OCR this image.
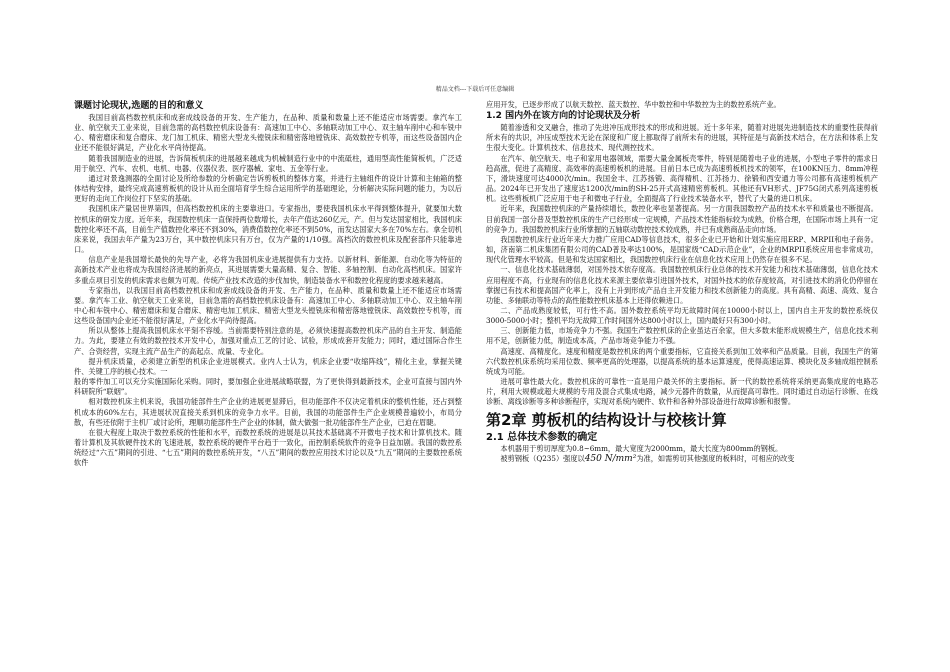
精品文档---下载后可任意编辑
课题讨论现状,选题的目的和意义

我国目前高档数控机床和成套成线设备的开发、生产能力，在品种、质量和数量上还不能适应市场需要。拿汽车工业、航空航天工业来说，目前急需的高档数控机床设备有：高速加工中心、多轴联动加工中心、双主轴车削中心和车铣中心、精密磨床和复合磨床、龙门加工机床、精密大型龙头镗铣床和精密落地镗铣床、高效数控专机等，而这些设备国内企业还不能很好满足，产业化水平尚待提高。

随着我国制造业的进展，告诉简板机床的进展越来越成为机械制造行业中的中流砥柱，通用型高性能简板机，广泛适用于航空、汽车、农机、电机、电器、仪器仪表、医疗器械、家电、五金等行业。

通过对景逸测器的全面讨论及所给参数的分析确定告诉剪板机的整体方案，并进行主轴组件的设计计算和主轴箱的整体结构安排，最终完成高速剪板机的设计从而全面培育学生综合运用所学的基础理论，分析解决实际问题的能力，为以后更好的走向工作岗位打下坚实的基础。

我国机床产量居世界第四，但高档数控机床的主要靠进口。专家指出，要使我国机床水平得到整体提升，就要加大数控机床的研发力度。近年来，我国数控机床一直保持两位数增长，去年产值达260亿元，产。但与发达国家相比，我国机床数控化率还不高，目前生产值数控化率还不到30%，消费值数控化率还不到50%，而发达国家大多在70%左右。拿全切机床来说，我国去年产量为23万台，其中数控机床只有万台，仅为产量的1/10强。高档次的数控机床及配套部件只能靠进口。

信息产业是我国增长最快的先导产业，必将为我国机床业进展提供有力支持。以新材料、新能源、自动化等为特征的高新技术产业也将成为我国经济进展的新亮点，其进展需要大量高精、复合、智能、多轴控制、自动化高档机床。国家许多重点项目引发的机床需求也颇为可观。传统产业技术改造的步伐加快，制造装备水平和数控化程度的要求越来越高。

专家指出，以我国目前高档数控机床和成套成线设备的开发、生产能力，在品种、质量和数量上还不能适应市场需要。拿汽车工业、航空航天工业来说，目前急需的高档数控机床设备有：高速加工中心、多轴联动加工中心、双主轴车削中心和车铣中心、精密磨床和复合磨床、精密电加工机床、精密大型龙头镗铣床和精密落地镗铣床、高效数控专机等，而这些设备国内企业还不能很好满足，产业化水平尚待提高。

所以从整体上提高我国机床水平刻不容缓。当前需要特别注意的是，必须快速提高数控机床产品的自主开发、制造能力。为此，要建立有效的数控技术开发中心，加强对重点工艺的讨论、试验，形成成套开发能力；同时，通过国际合作生产、合资经营，实现主流产品生产的高起点、成量、专业化。

提升机床质量，必须建立新型的机床企业进展模式。业内人士认为，机床企业要“收缩阵线”，精化主业，掌握关键件、关键工序的核心技术。一

般的零件加工可以充分实施国际化采购。同时，要加强企业进展战略联盟，为了更快得到最新技术，企业可直接与国内外科研院所“联姻”。

相对数控机床主机来说，我国功能部件生产企业的进展更显滞后，但功能部件不仅决定着机床的整机性能，还占到整机成本的60%左右，其进展状况直接关系到机床的竞争力水平。目前，我国的功能部件生产企业规模普遍较小，布局分散，有些还依附于主机厂或讨论所，理顺功能部件生产企业的体制，做大做强一批功能部件生产企业，已迫在眉睫。

在很大程度上取决于数控系统的性能和水平，而数控系统的进展是以其技术基础离不开微电子技术和计算机技术。随着计算机及其软硬件技术的飞速进展，数控系统的硬件平台趋于一致化，而控制系统软件的竞争日益加剧。我国的数控系统经过“六五”期间的引进、“七五”期间的数控系统开发，“八五”期间的数控应用技术讨论以及“九五”期间的主要数控系统软件

应用开发，已逐步形成了以航天数控、蓝天数控、华中数控和中华数控为主的数控系统产业。

1.2 国内外在该方向的讨论现状及分析

随着渗透和交叉融合，推动了先进冲压成形技术的形成和进展。近十多年来，随着对进展先进制造技术的重要性获得前所未有的共识，冲压成型技术无论在深度和广度上都取得了前所未有的进展，其特征是与高新技术结合，在方法和体系上发生很大变化。计算机技术、信息技术、现代测控技术。

在汽车、航空航天、电子和家用电器领域，需要大量金属板壳零件，特别是随着电子业的进展，小型电子零件的需求日趋高涨，促进了高精度、高效率的高速剪板机的进展。目前日本已成为高速剪板机技术的领军，在100KN压力、8mm冲程下，滑块速度可达4000次/min。我国金丰、江苏扬锻、高得精机、江苏扬力、徐锻和西安通力等公司都有高速剪板机产品。2024年已开发出了速度达1200次/min的SH-25开式高速精密剪板机。其他还有VH形式、JF75G闭式系列高速剪板机。这些剪板机广泛应用于电子和微电子行业，全面提高了行业技术装备水平，替代了大量的进口机床。

近年来，我国数控机床的产量持续增长，数控化率也显著提高。另一方面我国数控产品的技术水平和质量也不断提高。目前我国一部分普及型数控机床的生产已经形成一定规模，产品技术性能指标较为成熟，价格合理，在国际市场上具有一定的竞争力。我国数控机床行业所掌握的五轴联动数控技术较成熟，并已有成熟商品走向市场。

我国数控机床行业近年来大力推广应用CAD等信息技术，很多企业已开始和计划实施应用ERP、MRPII和电子商务。如，济南第二机床集团有限公司的CAD普及率达100%，是国家级“CAD示范企业”，企业的MRPII系统应用也非常成功，现代化管理水平较高。但是和发达国家相比，我国数控机床行业在信息化技术应用上仍然存在很多不足。

一、信息化技术基础薄弱，对国外技术依存度高。我国数控机床行业总体的技术开发能力和技术基础薄弱，信息化技术应用程度不高，行业现有的信息化技术来源主要依靠引进国外技术，对国外技术的依存度较高，对引进技术的消化仍停留在掌握已有技术和提高国产化率上，没有上升到形成产品自主开发能力和技术创新能力的高度。具有高精、高速、高效、复合功能、多轴联动等特点的高性能数控机床基本上还得依赖进口。

二、产品成熟度较低，可行性不高。国外数控系统平均无故障时间在10000小时以上，国内自主开发的数控系统仅3000-5000小时；整机平均无故障工作时间国外达800小时以上，国内最好只有300小时。

三、创新能力低，市场竞争力不强。我国生产数控机床的企业虽达百余家，但大多数未能形成规模生产，信息化技术利用不足，创新能力低，制造成本高，产品市场竞争能力不强。

高速度、高精度化。速度和精度是数控机床的两个重要指标，它直接关系到加工效率和产品质量。目前，我国生产的第六代数控机床系统均采用位数、频率更高的处理器，以提高系统的基本运算速度，使得高速运算、模块化及多轴成组控制系统成为可能。

进展可靠性最大化。数控机床的可靠性一直是用户最关怀的主要指标。新一代的数控系统将采纳更高集成度的电路芯片，利用大规模或超大规模的专用及混合式集成电路，减少元器件的数量，从而提高可靠性。同时通过自动运行诊断、在线诊断、离线诊断等多种诊断程序，实现对系统内硬件、软件和各种外部设备进行故障诊断和报警。

第2章 剪板机的结构设计与校核计算
2.1 总体技术参数的确定

本机器用于剪切厚度为0.8~6mm，最大宽度为2000mm，最大长度为800mm的钢板。

被剪钢板（Q235）强度以450 N/mm²为准，如需剪切其他强度的板料时，可相应的改变
